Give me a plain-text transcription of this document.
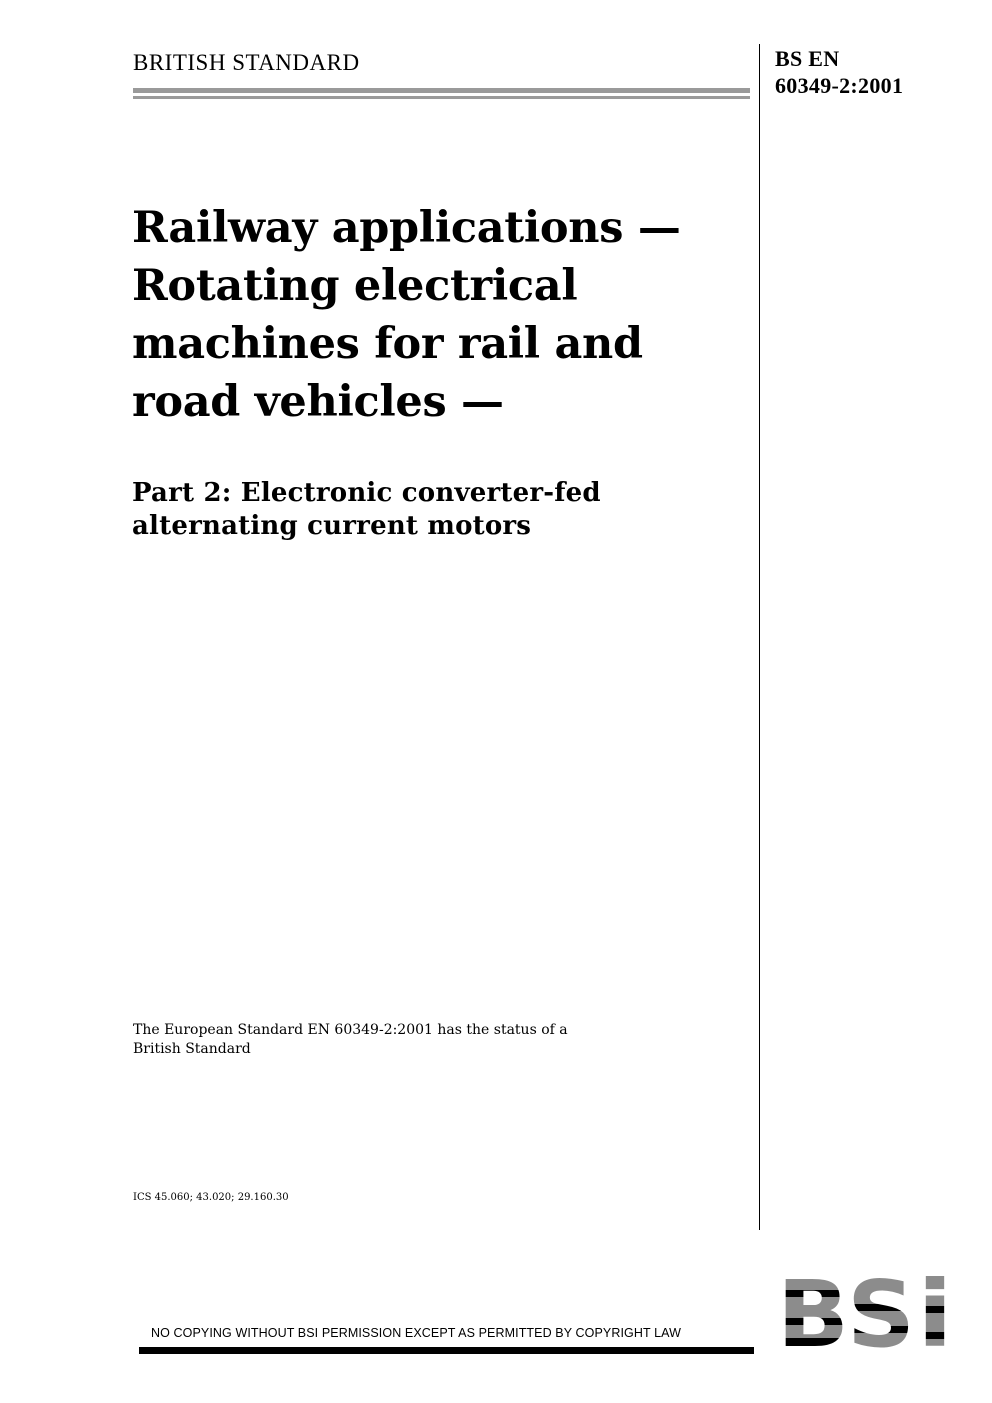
BRITISH STANDARD	BS EN
60349-2:2001
Railway applications —
Rotating electrical
machines for rail and
road vehicles —
Part 2: Electronic converter-fed
alternating current motors
The European Standard EN 60349-2:2001 has the status of a
British Standard
ICS 45.060; 43.020; 29.160.30
NO COPYING WITHOUT BSI PERMISSION EXCEPT AS PERMITTED BY COPYRIGHT LAW
